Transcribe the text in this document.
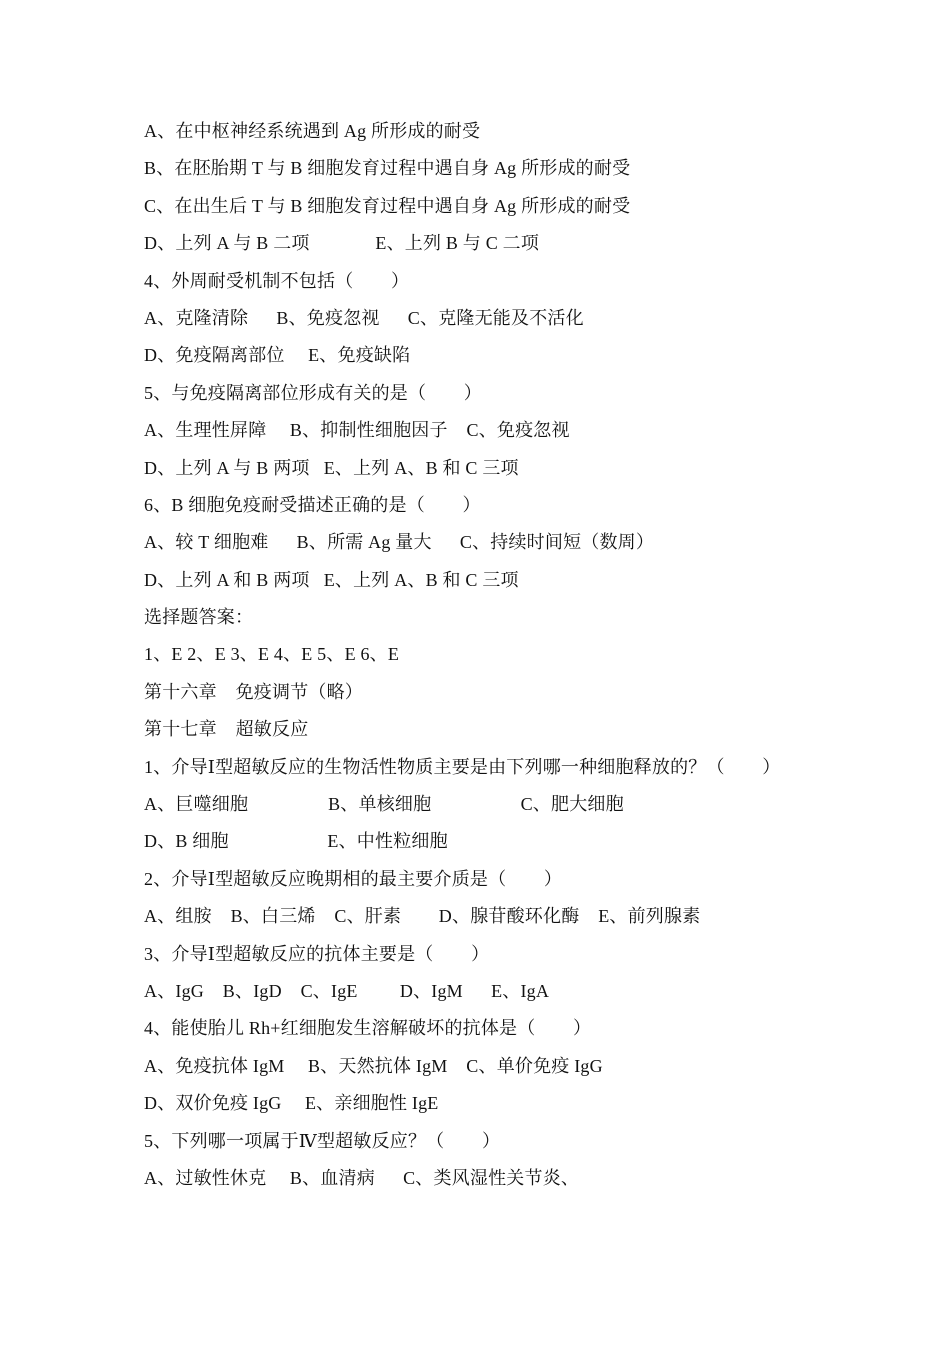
A、在中枢神经系统遇到 Ag 所形成的耐受
B、在胚胎期 T 与 B 细胞发育过程中遇自身 Ag 所形成的耐受
C、在出生后 T 与 B 细胞发育过程中遇自身 Ag 所形成的耐受
D、上列 A 与 B 二项              E、上列 B 与 C 二项
4、外周耐受机制不包括（        ）
A、克隆清除      B、免疫忽视      C、克隆无能及不活化
D、免疫隔离部位     E、免疫缺陷
5、与免疫隔离部位形成有关的是（        ）
A、生理性屏障     B、抑制性细胞因子    C、免疫忽视
D、上列 A 与 B 两项   E、上列 A、B 和 C 三项
6、B 细胞免疫耐受描述正确的是（        ）
A、较 T 细胞难      B、所需 Ag 量大      C、持续时间短（数周）
D、上列 A 和 B 两项   E、上列 A、B 和 C 三项
选择题答案：
1、E 2、E 3、E 4、E 5、E 6、E
第十六章    免疫调节（略）
第十七章    超敏反应
1、介导Ⅰ型超敏反应的生物活性物质主要是由下列哪一种细胞释放的？（        ）
A、巨噬细胞                 B、单核细胞                   C、肥大细胞
D、B 细胞                     E、中性粒细胞
2、介导Ⅰ型超敏反应晚期相的最主要介质是（        ）
A、组胺    B、白三烯    C、肝素        D、腺苷酸环化酶    E、前列腺素
3、介导Ⅰ型超敏反应的抗体主要是（        ）
A、IgG    B、IgD    C、IgE         D、IgM      E、IgA
4、能使胎儿 Rh+红细胞发生溶解破坏的抗体是（        ）
A、免疫抗体 IgM     B、天然抗体 IgM    C、单价免疫 IgG
D、双价免疫 IgG     E、亲细胞性 IgE
5、下列哪一项属于Ⅳ型超敏反应？（        ）
A、过敏性休克     B、血清病      C、类风湿性关节炎、
